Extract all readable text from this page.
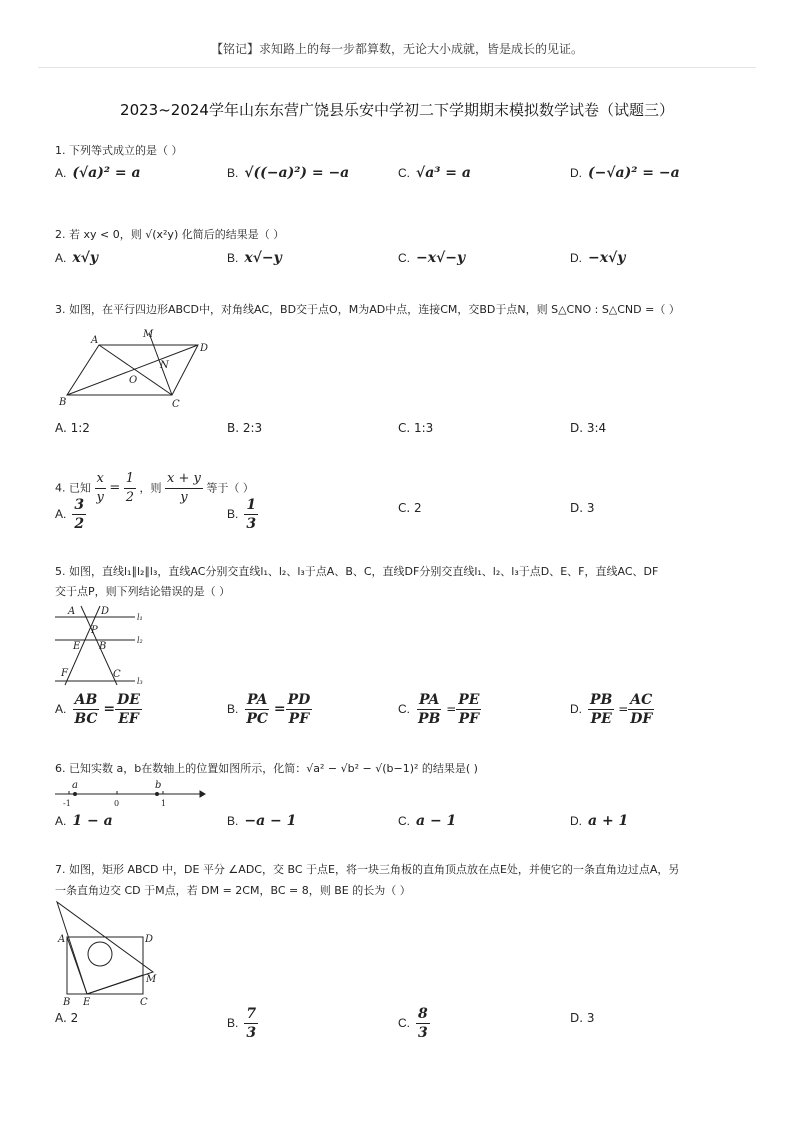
【铭记】求知路上的每一步都算数，无论大小成就，皆是成长的见证。
2023~2024学年山东东营广饶县乐安中学初二下学期期末模拟数学试卷（试题三）
1. 下列等式成立的是（ ）
A. (√a)² = a	B. √((−a)²) = −a	C. √a³ = a	D. (−√a)² = −a
2. 若 xy < 0，则 √(x²y) 化简后的结果是（ ）
A. x√y	B. x√−y	C. −x√−y	D. −x√y
3. 如图，在平行四边形ABCD中，对角线AC，BD交于点O，M为AD中点，连接CM，交BD于点N，则 S△CNO : S△CND =（ ）
A
M
D
N
O
B	C
A. 1:2	B. 2:3	C. 1:3	D. 3:4
4. 已知 $\frac{x}{y} = \frac{1}{2}$ ，则 $\frac{x + y}{y}$ 等于（ ）
A. $\frac{3}{2}$	B. $\frac{1}{3}$	C. 2	D. 3
5. 如图，直线l₁∥l₂∥l₃，直线AC分别交直线l₁、l₂、l₃于点A、B、C，直线DF分别交直线l₁、l₂、l₃于点D、E、F，直线AC、DF
交于点P，则下列结论错误的是（ ）
A	D
P
E B
F	C
l₁
l₂
l₃
A. $\frac{AB}{BC} = \frac{DE}{EF}$	B. $\frac{PA}{PC} = \frac{PD}{PF}$	C. $\frac{PA}{PB} = \frac{PE}{PF}$	D. $\frac{PB}{PE} = \frac{AC}{DF}$
6. 已知实数 a，b在数轴上的位置如图所示，化简：√a² − √b² − √(b−1)² 的结果是( )
a	b
-1	0	1
A. 1 − a	B. −a − 1	C. a − 1	D. a + 1
7. 如图，矩形 ABCD 中，DE 平分 ∠ADC，交 BC 于点E，将一块三角板的直角顶点放在点E处，并使它的一条直角边过点A，另
一条直角边交 CD 于M点，若 DM = 2CM，BC = 8，则 BE 的长为（ ）
A	D
M
B E	C
A. 2	B. $\frac{7}{3}$	C. $\frac{8}{3}$	D. 3
